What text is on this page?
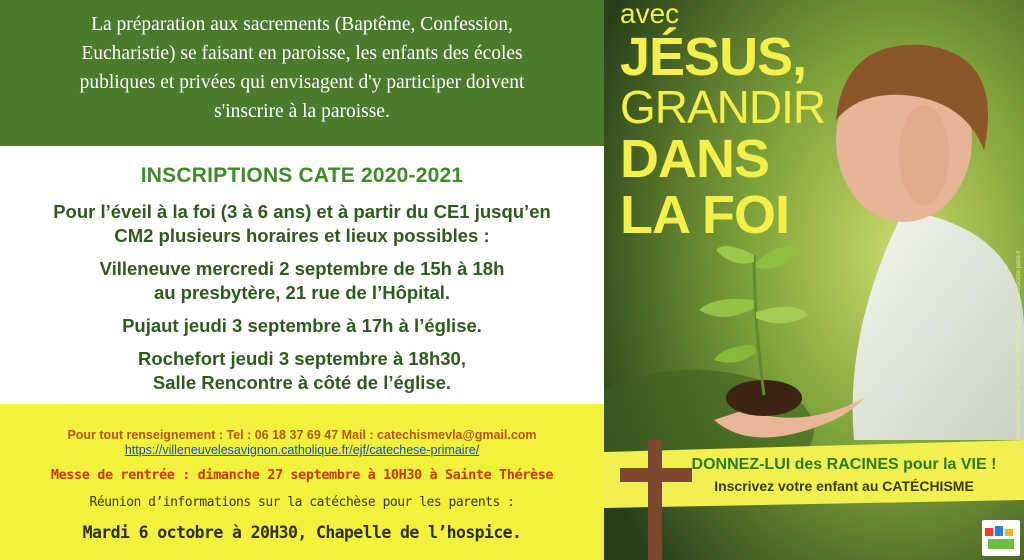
La préparation aux sacrements (Baptême, Confession,
Eucharistie) se faisant en paroisse, les enfants des écoles
publiques et privées qui envisagent d'y participer doivent
s'inscrire à la paroisse.
INSCRIPTIONS CATE 2020-2021

Pour l’éveil à la foi (3 à 6 ans) et à partir du CE1 jusqu’en

CM2 plusieurs horaires et lieux possibles :

Villeneuve mercredi 2 septembre de 15h à 18h

au presbytère, 21 rue de l’Hôpital.

Pujaut jeudi 3 septembre à 17h à l’église.

Rochefort jeudi 3 septembre à 18h30,

Salle Rencontre à côté de l’église.

Pour tout renseignement : Tel : 06 18 37 69 47 Mail : catechismevla@gmail.com
https://villeneuvelesavignon.catholique.fr/ejf/catechese-primaire/
Messe de rentrée : dimanche 27 septembre à 10H30 à Sainte Thérèse
Réunion d’informations sur la catéchèse pour les parents :
Mardi 6 octobre à 20H30, Chapelle de l’hospice.
avec
JÉSUS,
GRANDIR
DANS
LA FOI
© Service diocésain de la communication - Mai 2016 - www.diocese-paris.fr
DONNEZ-LUI des RACINES pour la VIE !
Inscrivez votre enfant au CATÉCHISME
